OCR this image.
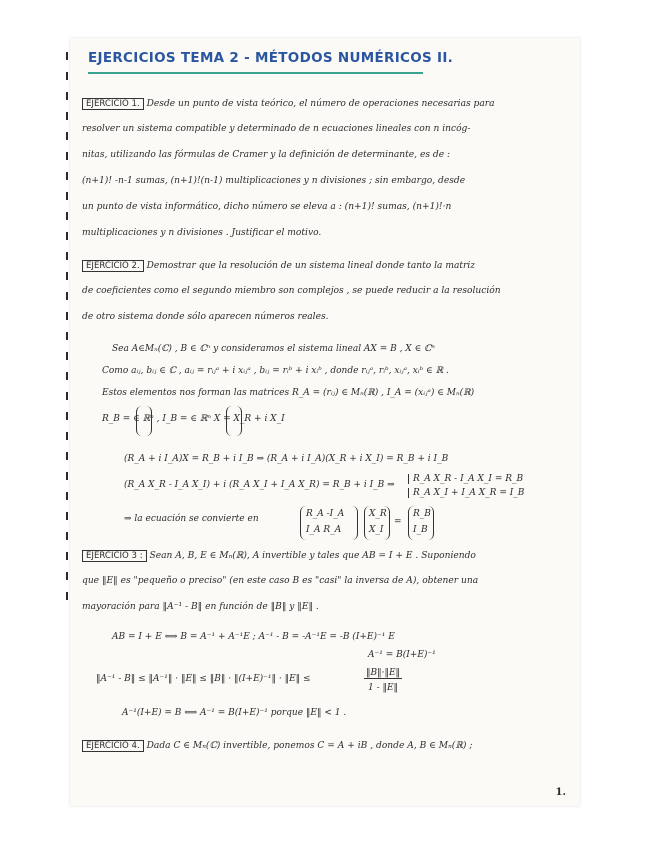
EJERCICIOS TEMA 2 - MÉTODOS NUMÉRICOS II.
EJERCICIO 1. Desde un punto de vista teórico, el número de operaciones necesarias para
resolver un sistema compatible y determinado de n ecuaciones lineales con n incóg-
nitas, utilizando las fórmulas de Cramer y la definición de determinante, es de :
(n+1)! -n-1 sumas, (n+1)!(n-1) multiplicaciones y n divisiones ; sin embargo, desde
un punto de vista informático, dicho número se eleva a : (n+1)! sumas, (n+1)!·n
multiplicaciones y n divisiones . Justificar el motivo.
EJERCICIO 2. Demostrar que la resolución de un sistema lineal donde tanto la matriz
de coeficientes como el segundo miembro son complejos , se puede reducir a la resolución
de otro sistema donde sólo aparecen números reales.
Sea A∈Mₙ(ℂ) , B ∈ ℂⁿ y consideramos el sistema lineal AX = B , X ∈ ℂⁿ
Como aᵢⱼ, bᵢⱼ ∈ ℂ , aᵢⱼ = rᵢⱼᵃ + i xᵢⱼᵃ , bᵢⱼ = rᵢᵇ + i xᵢᵇ , donde rᵢⱼᵃ, rᵢᵇ, xᵢⱼᵃ, xᵢᵇ ∈ ℝ .
Estos elementos nos forman las matrices R_A = (rᵢⱼ) ∈ Mₙ(ℝ) , I_A = (xᵢⱼᵃ) ∈ Mₙ(ℝ)
R_B = ∈ ℝⁿ , I_B = ∈ ℝⁿ X = X_R + i X_I
(R_A + i I_A)X = R_B + i I_B ⇒ (R_A + i I_A)(X_R + i X_I) = R_B + i I_B
(R_A X_R - I_A X_I) + i (R_A X_I + I_A X_R) = R_B + i I_B ⇒
R_A X_R - I_A X_I = R_B
R_A X_I + I_A X_R = I_B
⇒ la ecuación se convierte en	R_A -I_A
I_A R_A
X_R
X_I
=
R_B
I_B
EJERCICIO 3 : Sean A, B, E ∈ Mₙ(ℝ), A invertible y tales que AB = I + E . Suponiendo
que ‖E‖ es "pequeño o preciso" (en este caso B es "casi" la inversa de A), obtener una
mayoración para ‖A⁻¹ - B‖ en función de ‖B‖ y ‖E‖ .
AB = I + E ⟺ B = A⁻¹ + A⁻¹E ; A⁻¹ - B = -A⁻¹E = -B (I+E)⁻¹ E
A⁻¹ = B(I+E)⁻¹
‖A⁻¹ - B‖ ≤ ‖A⁻¹‖ · ‖E‖ ≤ ‖B‖ · ‖(I+E)⁻¹‖ · ‖E‖ ≤
‖B‖·‖E‖
1 - ‖E‖
A⁻¹(I+E) = B ⟺ A⁻¹ = B(I+E)⁻¹ porque ‖E‖ < 1 .
EJERCICIO 4. Dada C ∈ Mₙ(ℂ) invertible, ponemos C = A + iB , donde A, B ∈ Mₙ(ℝ) ;
1.
